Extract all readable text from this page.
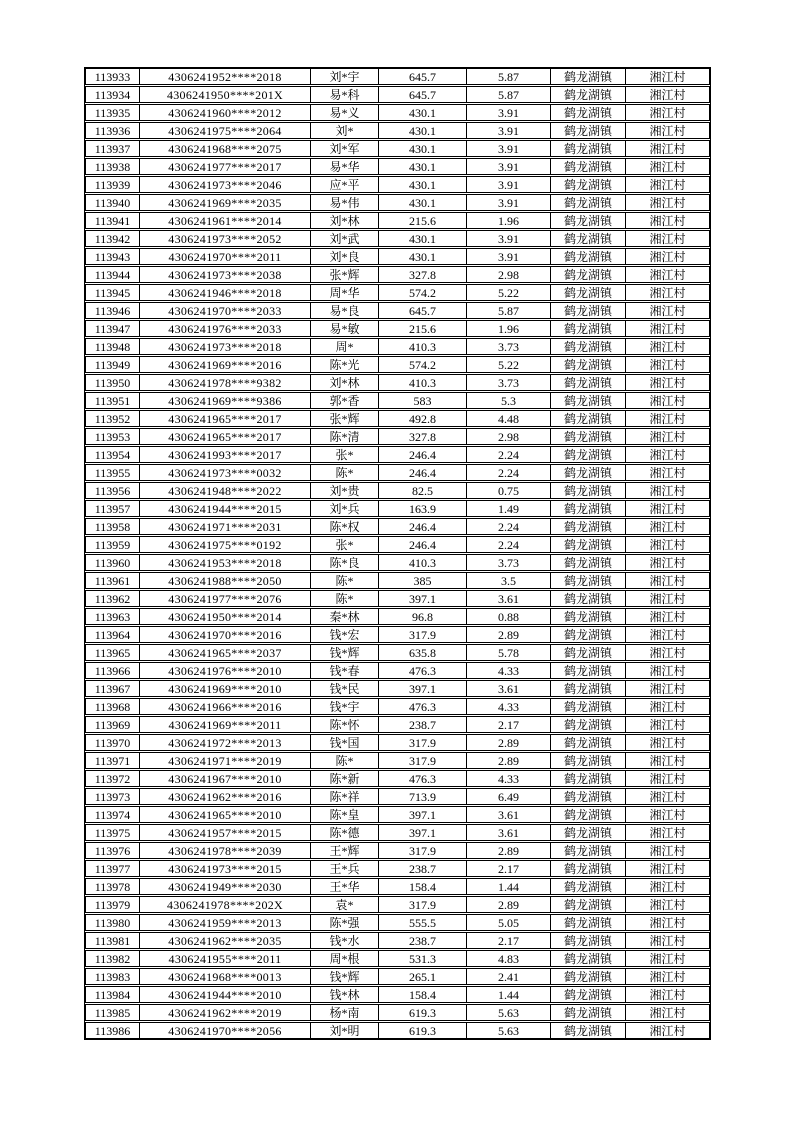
113933	4306241952****2018	刘*宇	645.7	5.87	鹤龙湖镇	湘江村
113934	4306241950****201X	易*科	645.7	5.87	鹤龙湖镇	湘江村
113935	4306241960****2012	易*义	430.1	3.91	鹤龙湖镇	湘江村
113936	4306241975****2064	刘*	430.1	3.91	鹤龙湖镇	湘江村
113937	4306241968****2075	刘*军	430.1	3.91	鹤龙湖镇	湘江村
113938	4306241977****2017	易*华	430.1	3.91	鹤龙湖镇	湘江村
113939	4306241973****2046	应*平	430.1	3.91	鹤龙湖镇	湘江村
113940	4306241969****2035	易*伟	430.1	3.91	鹤龙湖镇	湘江村
113941	4306241961****2014	刘*林	215.6	1.96	鹤龙湖镇	湘江村
113942	4306241973****2052	刘*武	430.1	3.91	鹤龙湖镇	湘江村
113943	4306241970****2011	刘*良	430.1	3.91	鹤龙湖镇	湘江村
113944	4306241973****2038	张*辉	327.8	2.98	鹤龙湖镇	湘江村
113945	4306241946****2018	周*华	574.2	5.22	鹤龙湖镇	湘江村
113946	4306241970****2033	易*良	645.7	5.87	鹤龙湖镇	湘江村
113947	4306241976****2033	易*敏	215.6	1.96	鹤龙湖镇	湘江村
113948	4306241973****2018	周*	410.3	3.73	鹤龙湖镇	湘江村
113949	4306241969****2016	陈*光	574.2	5.22	鹤龙湖镇	湘江村
113950	4306241978****9382	刘*林	410.3	3.73	鹤龙湖镇	湘江村
113951	4306241969****9386	郭*香	583	5.3	鹤龙湖镇	湘江村
113952	4306241965****2017	张*辉	492.8	4.48	鹤龙湖镇	湘江村
113953	4306241965****2017	陈*清	327.8	2.98	鹤龙湖镇	湘江村
113954	4306241993****2017	张*	246.4	2.24	鹤龙湖镇	湘江村
113955	4306241973****0032	陈*	246.4	2.24	鹤龙湖镇	湘江村
113956	4306241948****2022	刘*贵	82.5	0.75	鹤龙湖镇	湘江村
113957	4306241944****2015	刘*兵	163.9	1.49	鹤龙湖镇	湘江村
113958	4306241971****2031	陈*权	246.4	2.24	鹤龙湖镇	湘江村
113959	4306241975****0192	张*	246.4	2.24	鹤龙湖镇	湘江村
113960	4306241953****2018	陈*良	410.3	3.73	鹤龙湖镇	湘江村
113961	4306241988****2050	陈*	385	3.5	鹤龙湖镇	湘江村
113962	4306241977****2076	陈*	397.1	3.61	鹤龙湖镇	湘江村
113963	4306241950****2014	秦*林	96.8	0.88	鹤龙湖镇	湘江村
113964	4306241970****2016	钱*宏	317.9	2.89	鹤龙湖镇	湘江村
113965	4306241965****2037	钱*辉	635.8	5.78	鹤龙湖镇	湘江村
113966	4306241976****2010	钱*春	476.3	4.33	鹤龙湖镇	湘江村
113967	4306241969****2010	钱*民	397.1	3.61	鹤龙湖镇	湘江村
113968	4306241966****2016	钱*宇	476.3	4.33	鹤龙湖镇	湘江村
113969	4306241969****2011	陈*怀	238.7	2.17	鹤龙湖镇	湘江村
113970	4306241972****2013	钱*国	317.9	2.89	鹤龙湖镇	湘江村
113971	4306241971****2019	陈*	317.9	2.89	鹤龙湖镇	湘江村
113972	4306241967****2010	陈*新	476.3	4.33	鹤龙湖镇	湘江村
113973	4306241962****2016	陈*祥	713.9	6.49	鹤龙湖镇	湘江村
113974	4306241965****2010	陈*皇	397.1	3.61	鹤龙湖镇	湘江村
113975	4306241957****2015	陈*德	397.1	3.61	鹤龙湖镇	湘江村
113976	4306241978****2039	王*辉	317.9	2.89	鹤龙湖镇	湘江村
113977	4306241973****2015	王*兵	238.7	2.17	鹤龙湖镇	湘江村
113978	4306241949****2030	王*华	158.4	1.44	鹤龙湖镇	湘江村
113979	4306241978****202X	袁*	317.9	2.89	鹤龙湖镇	湘江村
113980	4306241959****2013	陈*强	555.5	5.05	鹤龙湖镇	湘江村
113981	4306241962****2035	钱*水	238.7	2.17	鹤龙湖镇	湘江村
113982	4306241955****2011	周*根	531.3	4.83	鹤龙湖镇	湘江村
113983	4306241968****0013	钱*辉	265.1	2.41	鹤龙湖镇	湘江村
113984	4306241944****2010	钱*林	158.4	1.44	鹤龙湖镇	湘江村
113985	4306241962****2019	杨*南	619.3	5.63	鹤龙湖镇	湘江村
113986	4306241970****2056	刘*明	619.3	5.63	鹤龙湖镇	湘江村
